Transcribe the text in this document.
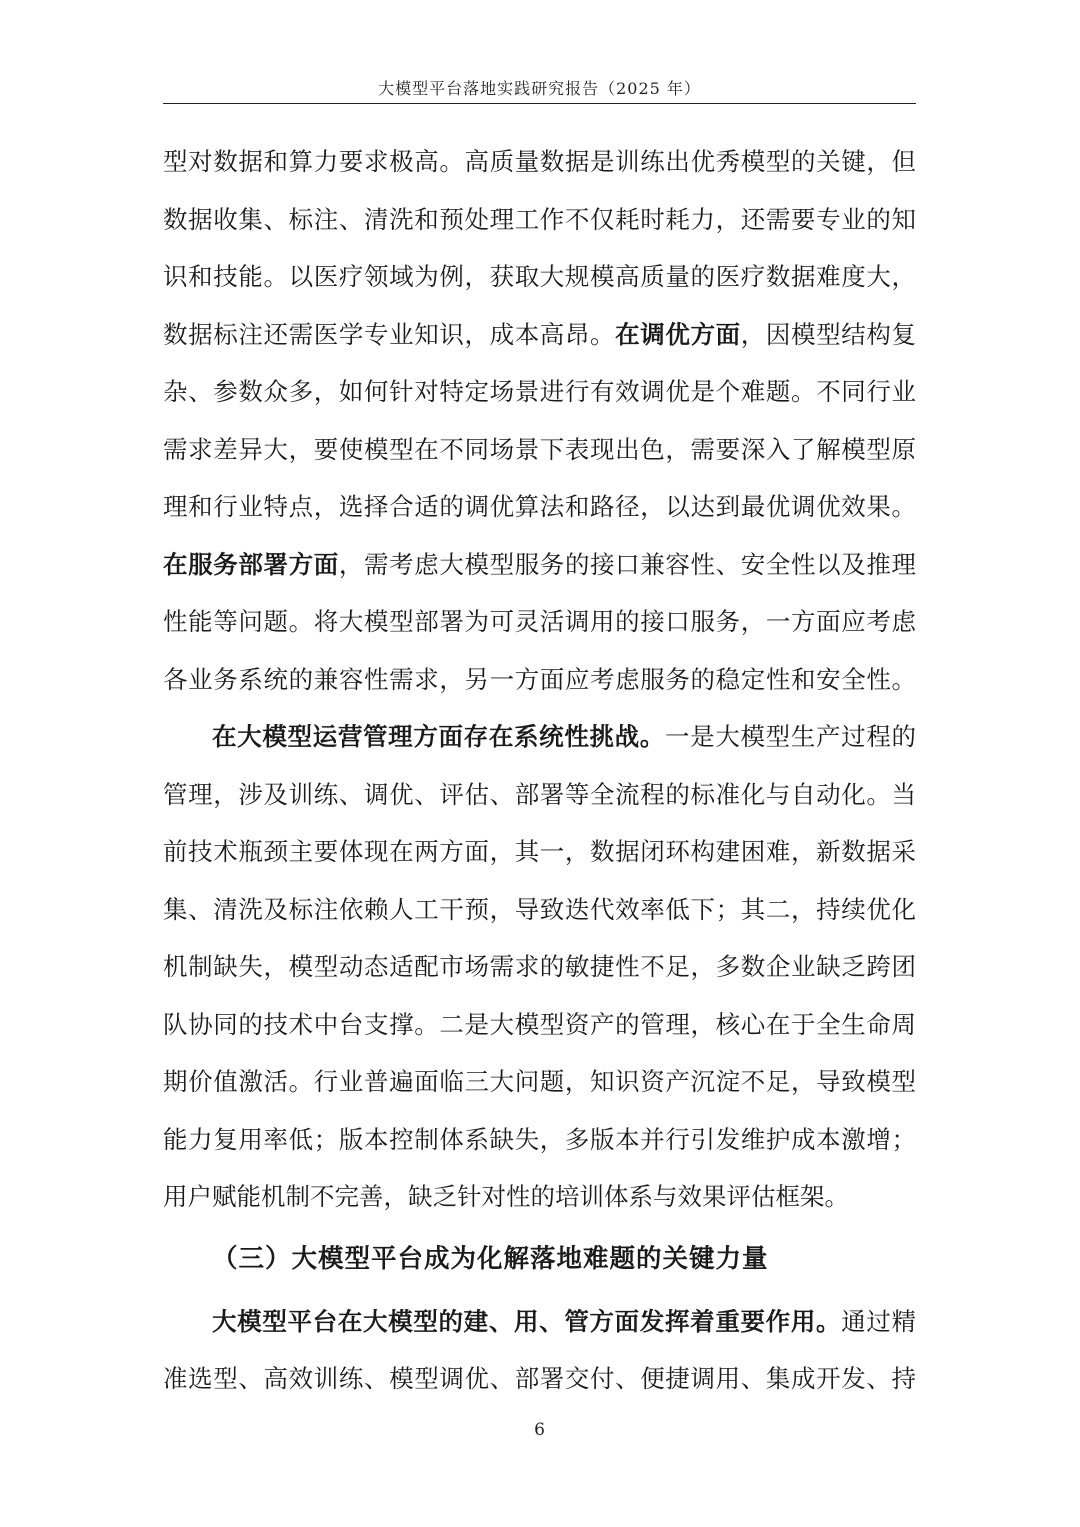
大模型平台落地实践研究报告（2025 年）
型对数据和算力要求极高。高质量数据是训练出优秀模型的关键，但
数据收集、标注、清洗和预处理工作不仅耗时耗力，还需要专业的知
识和技能。以医疗领域为例，获取大规模高质量的医疗数据难度大，
数据标注还需医学专业知识，成本高昂。在调优方面，因模型结构复
杂、参数众多，如何针对特定场景进行有效调优是个难题。不同行业
需求差异大，要使模型在不同场景下表现出色，需要深入了解模型原
理和行业特点，选择合适的调优算法和路径，以达到最优调优效果。
在服务部署方面，需考虑大模型服务的接口兼容性、安全性以及推理
性能等问题。将大模型部署为可灵活调用的接口服务，一方面应考虑
各业务系统的兼容性需求，另一方面应考虑服务的稳定性和安全性。
在大模型运营管理方面存在系统性挑战。一是大模型生产过程的
管理，涉及训练、调优、评估、部署等全流程的标准化与自动化。当
前技术瓶颈主要体现在两方面，其一，数据闭环构建困难，新数据采
集、清洗及标注依赖人工干预，导致迭代效率低下；其二，持续优化
机制缺失，模型动态适配市场需求的敏捷性不足，多数企业缺乏跨团
队协同的技术中台支撑。二是大模型资产的管理，核心在于全生命周
期价值激活。行业普遍面临三大问题，知识资产沉淀不足，导致模型
能力复用率低；版本控制体系缺失，多版本并行引发维护成本激增；
用户赋能机制不完善，缺乏针对性的培训体系与效果评估框架。
（三）大模型平台成为化解落地难题的关键力量
大模型平台在大模型的建、用、管方面发挥着重要作用。通过精
准选型、高效训练、模型调优、部署交付、便捷调用、集成开发、持
6
